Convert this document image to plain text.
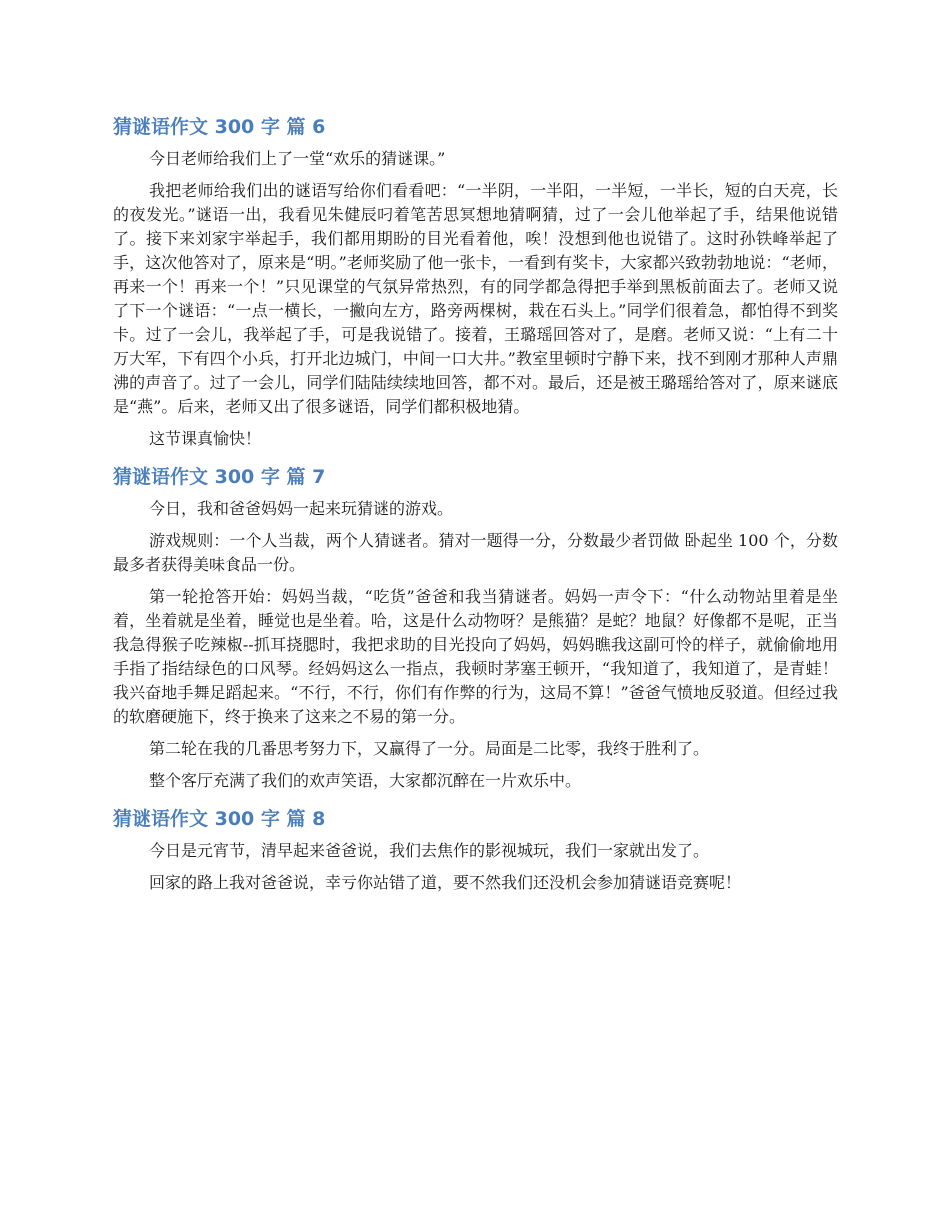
猜谜语作文 300 字 篇 6

今日老师给我们上了一堂“欢乐的猜谜课。”

我把老师给我们出的谜语写给你们看看吧：“一半阴，一半阳，一半短，一半长，短的白天亮，长的夜发光。”谜语一出，我看见朱健辰叼着笔苦思冥想地猜啊猜，过了一会儿他举起了手，结果他说错了。接下来刘家宇举起手，我们都用期盼的目光看着他，唉！没想到他也说错了。这时孙铁峰举起了手，这次他答对了，原来是“明。”老师奖励了他一张卡，一看到有奖卡，大家都兴致勃勃地说：“老师，再来一个！再来一个！”只见课堂的气氛异常热烈，有的同学都急得把手举到黑板前面去了。老师又说了下一个谜语：“一点一横长，一撇向左方，路旁两棵树，栽在石头上。”同学们很着急，都怕得不到奖卡。过了一会儿，我举起了手，可是我说错了。接着，王璐瑶回答对了，是磨。老师又说：“上有二十万大军，下有四个小兵，打开北边城门，中间一口大井。”教室里顿时宁静下来，找不到刚才那种人声鼎沸的声音了。过了一会儿，同学们陆陆续续地回答，都不对。最后，还是被王璐瑶给答对了，原来谜底是“燕”。后来，老师又出了很多谜语，同学们都积极地猜。

这节课真愉快！

猜谜语作文 300 字 篇 7

今日，我和爸爸妈妈一起来玩猜谜的游戏。

游戏规则：一个人当裁，两个人猜谜者。猜对一题得一分，分数最少者罚做 卧起坐 100 个，分数最多者获得美味食品一份。

第一轮抢答开始：妈妈当裁，“吃货”爸爸和我当猜谜者。妈妈一声令下：“什么动物站里着是坐着，坐着就是坐着，睡觉也是坐着。哈，这是什么动物呀？是熊猫？是蛇？地鼠？好像都不是呢，正当我急得猴子吃辣椒--抓耳挠腮时，我把求助的目光投向了妈妈，妈妈瞧我这副可怜的样子，就偷偷地用手指了指结绿色的口风琴。经妈妈这么一指点，我顿时茅塞王顿开，“我知道了，我知道了，是青蛙！我兴奋地手舞足蹈起来。“不行，不行，你们有作弊的行为，这局不算！”爸爸气愤地反驳道。但经过我的软磨硬施下，终于换来了这来之不易的第一分。

第二轮在我的几番思考努力下，又赢得了一分。局面是二比零，我终于胜利了。

整个客厅充满了我们的欢声笑语，大家都沉醉在一片欢乐中。

猜谜语作文 300 字 篇 8

今日是元宵节，清早起来爸爸说，我们去焦作的影视城玩，我们一家就出发了。

回家的路上我对爸爸说，幸亏你站错了道，要不然我们还没机会参加猜谜语竞赛呢！
